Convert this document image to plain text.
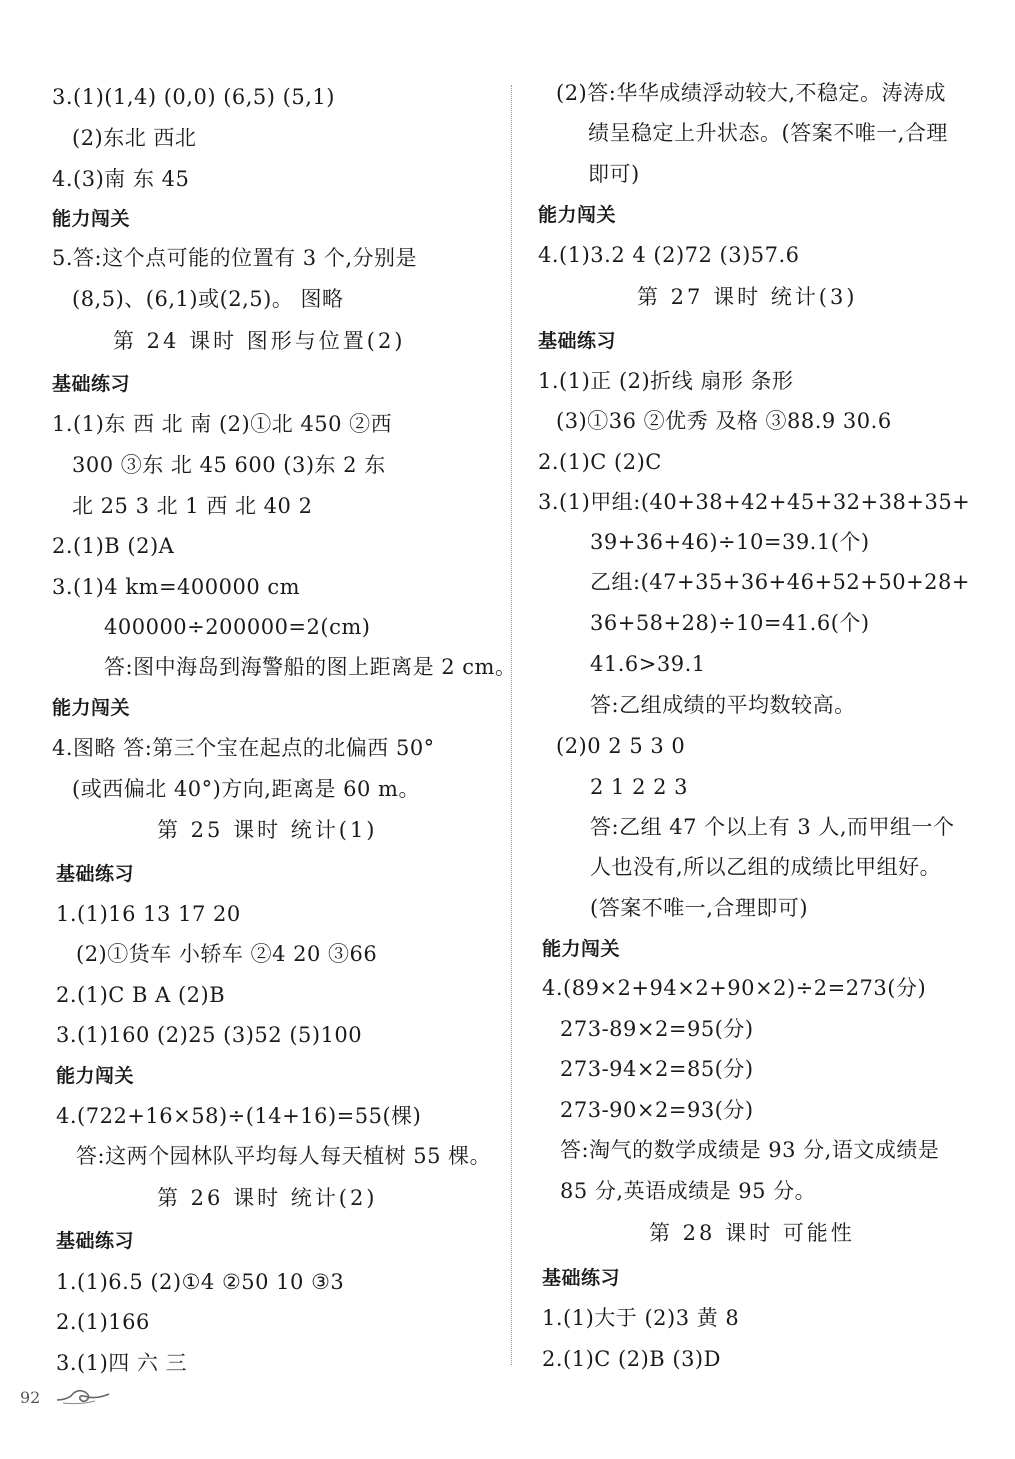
3.(1)(1,4) (0,0) (6,5) (5,1)
(2)东北 西北
4.(3)南 东 45
能力闯关
5.答:这个点可能的位置有 3 个,分别是
(8,5)、(6,1)或(2,5)。 图略
第 24 课时 图形与位置(2)
基础练习
1.(1)东 西 北 南 (2)①北 450 ②西
300 ③东 北 45 600 (3)东 2 东
北 25 3 北 1 西 北 40 2
2.(1)B (2)A
3.(1)4 km=400000 cm
400000÷200000=2(cm)
答:图中海岛到海警船的图上距离是 2 cm。
能力闯关
4.图略 答:第三个宝在起点的北偏西 50°
(或西偏北 40°)方向,距离是 60 m。
第 25 课时 统计(1)
基础练习
1.(1)16 13 17 20
(2)①货车 小轿车 ②4 20 ③66
2.(1)C B A (2)B
3.(1)160 (2)25 (3)52 (5)100
能力闯关
4.(722+16×58)÷(14+16)=55(棵)
答:这两个园林队平均每人每天植树 55 棵。
第 26 课时 统计(2)
基础练习
1.(1)6.5 (2)①4 ②50 10 ③3
2.(1)166
3.(1)四 六 三
(2)答:华华成绩浮动较大,不稳定。涛涛成
绩呈稳定上升状态。(答案不唯一,合理
即可)
能力闯关
4.(1)3.2 4 (2)72 (3)57.6
第 27 课时 统计(3)
基础练习
1.(1)正 (2)折线 扇形 条形
(3)①36 ②优秀 及格 ③88.9 30.6
2.(1)C (2)C
3.(1)甲组:(40+38+42+45+32+38+35+
39+36+46)÷10=39.1(个)
乙组:(47+35+36+46+52+50+28+
36+58+28)÷10=41.6(个)
41.6>39.1
答:乙组成绩的平均数较高。
(2)0 2 5 3 0
2 1 2 2 3
答:乙组 47 个以上有 3 人,而甲组一个
人也没有,所以乙组的成绩比甲组好。
(答案不唯一,合理即可)
能力闯关
4.(89×2+94×2+90×2)÷2=273(分)
273-89×2=95(分)
273-94×2=85(分)
273-90×2=93(分)
答:淘气的数学成绩是 93 分,语文成绩是
85 分,英语成绩是 95 分。
第 28 课时 可能性
基础练习
1.(1)大于 (2)3 黄 8
2.(1)C (2)B (3)D
92
